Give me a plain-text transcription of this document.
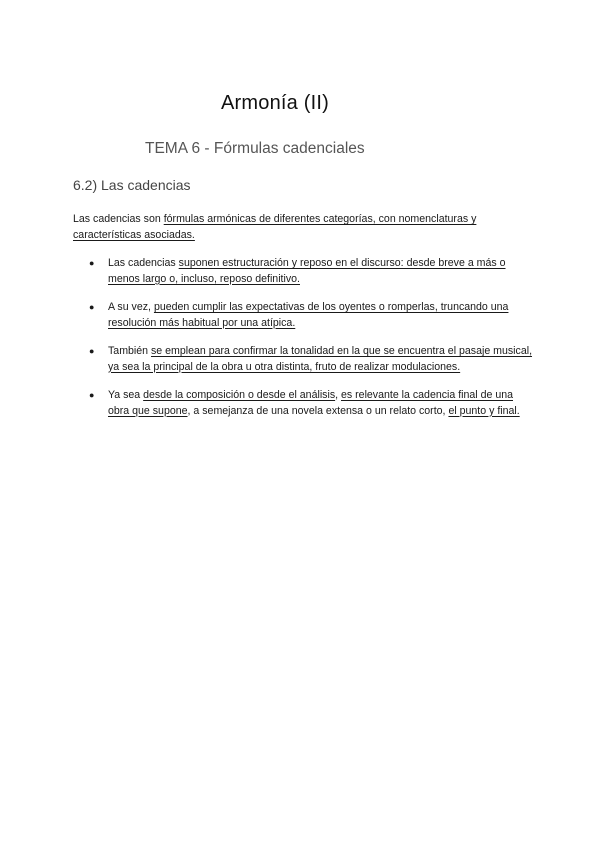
Armonía (II)
TEMA 6 - Fórmulas cadenciales
6.2) Las cadencias
Las cadencias son fórmulas armónicas de diferentes categorías, con nomenclaturas y características asociadas.
● Las cadencias suponen estructuración y reposo en el discurso: desde breve a más o menos largo o, incluso, reposo definitivo.
● A su vez, pueden cumplir las expectativas de los oyentes o romperlas, truncando una resolución más habitual por una atípica.
● También se emplean para confirmar la tonalidad en la que se encuentra el pasaje musical, ya sea la principal de la obra u otra distinta, fruto de realizar modulaciones.
● Ya sea desde la composición o desde el análisis, es relevante la cadencia final de una obra que supone, a semejanza de una novela extensa o un relato corto, el punto y final.
